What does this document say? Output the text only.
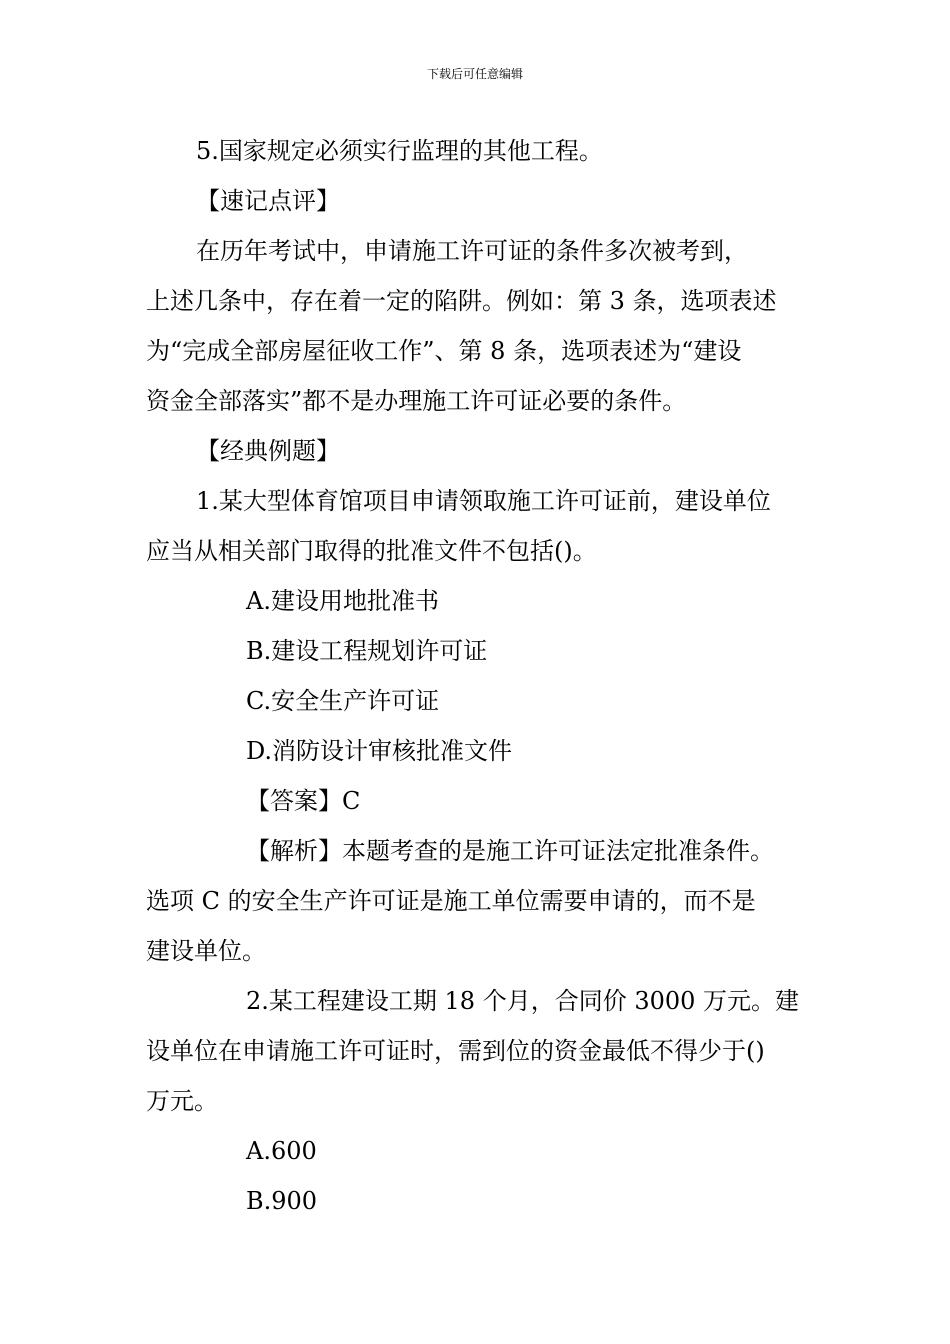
下载后可任意编辑

5.国家规定必须实行监理的其他工程。

【速记点评】

在历年考试中，申请施工许可证的条件多次被考到，

上述几条中，存在着一定的陷阱。例如：第 3 条，选项表述

为“完成全部房屋征收工作”、第 8 条，选项表述为“建设

资金全部落实”都不是办理施工许可证必要的条件。

【经典例题】

1.某大型体育馆项目申请领取施工许可证前，建设单位

应当从相关部门取得的批准文件不包括()。

A.建设用地批准书

B.建设工程规划许可证

C.安全生产许可证

D.消防设计审核批准文件

【答案】C

【解析】本题考查的是施工许可证法定批准条件。

选项 C 的安全生产许可证是施工单位需要申请的，而不是

建设单位。

2.某工程建设工期 18 个月，合同价 3000 万元。建

设单位在申请施工许可证时，需到位的资金最低不得少于()

万元。

A.600

B.900
